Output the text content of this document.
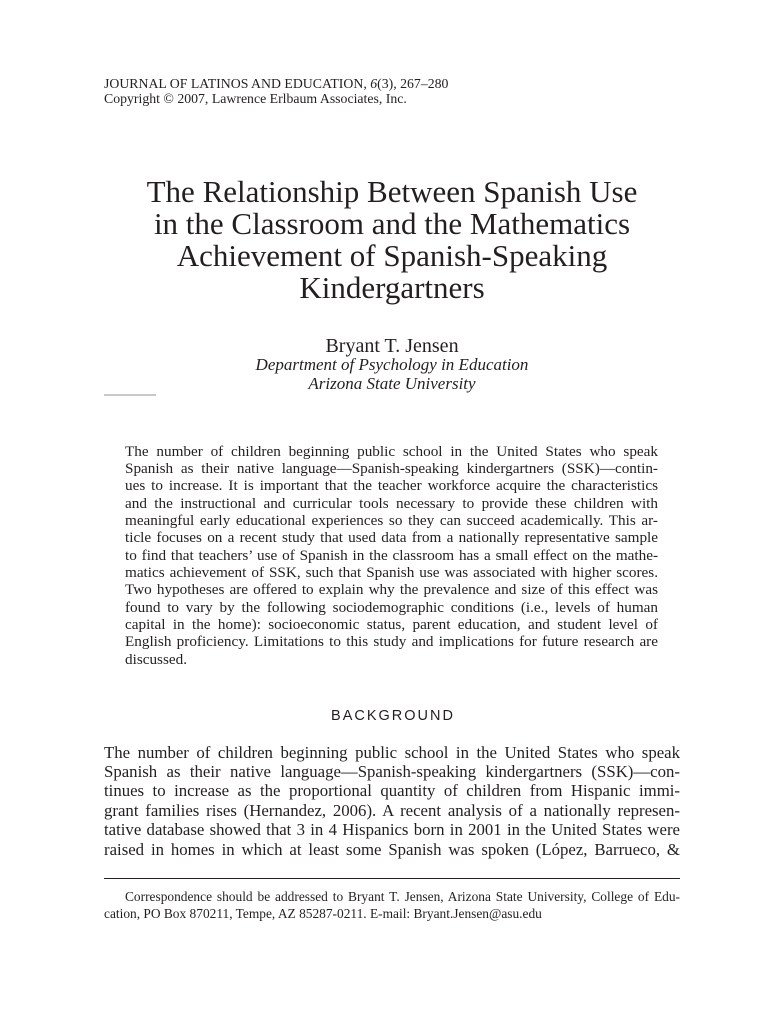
JOURNAL OF LATINOS AND EDUCATION, 6(3), 267–280
Copyright © 2007, Lawrence Erlbaum Associates, Inc.
The Relationship Between Spanish Use
in the Classroom and the Mathematics
Achievement of Spanish-Speaking
Kindergartners
Bryant T. Jensen
Department of Psychology in Education
Arizona State University
The number of children beginning public school in the United States who speak
Spanish as their native language—Spanish-speaking kindergartners (SSK)—contin-
ues to increase. It is important that the teacher workforce acquire the characteristics
and the instructional and curricular tools necessary to provide these children with
meaningful early educational experiences so they can succeed academically. This ar-
ticle focuses on a recent study that used data from a nationally representative sample
to find that teachers’ use of Spanish in the classroom has a small effect on the mathe-
matics achievement of SSK, such that Spanish use was associated with higher scores.
Two hypotheses are offered to explain why the prevalence and size of this effect was
found to vary by the following sociodemographic conditions (i.e., levels of human
capital in the home): socioeconomic status, parent education, and student level of
English proficiency. Limitations to this study and implications for future research are
discussed.
BACKGROUND
The number of children beginning public school in the United States who speak
Spanish as their native language—Spanish-speaking kindergartners (SSK)—con-
tinues to increase as the proportional quantity of children from Hispanic immi-
grant families rises (Hernandez, 2006). A recent analysis of a nationally represen-
tative database showed that 3 in 4 Hispanics born in 2001 in the United States were
raised in homes in which at least some Spanish was spoken (López, Barrueco, &
Correspondence should be addressed to Bryant T. Jensen, Arizona State University, College of Edu-
cation, PO Box 870211, Tempe, AZ 85287-0211. E-mail: Bryant.Jensen@asu.edu
